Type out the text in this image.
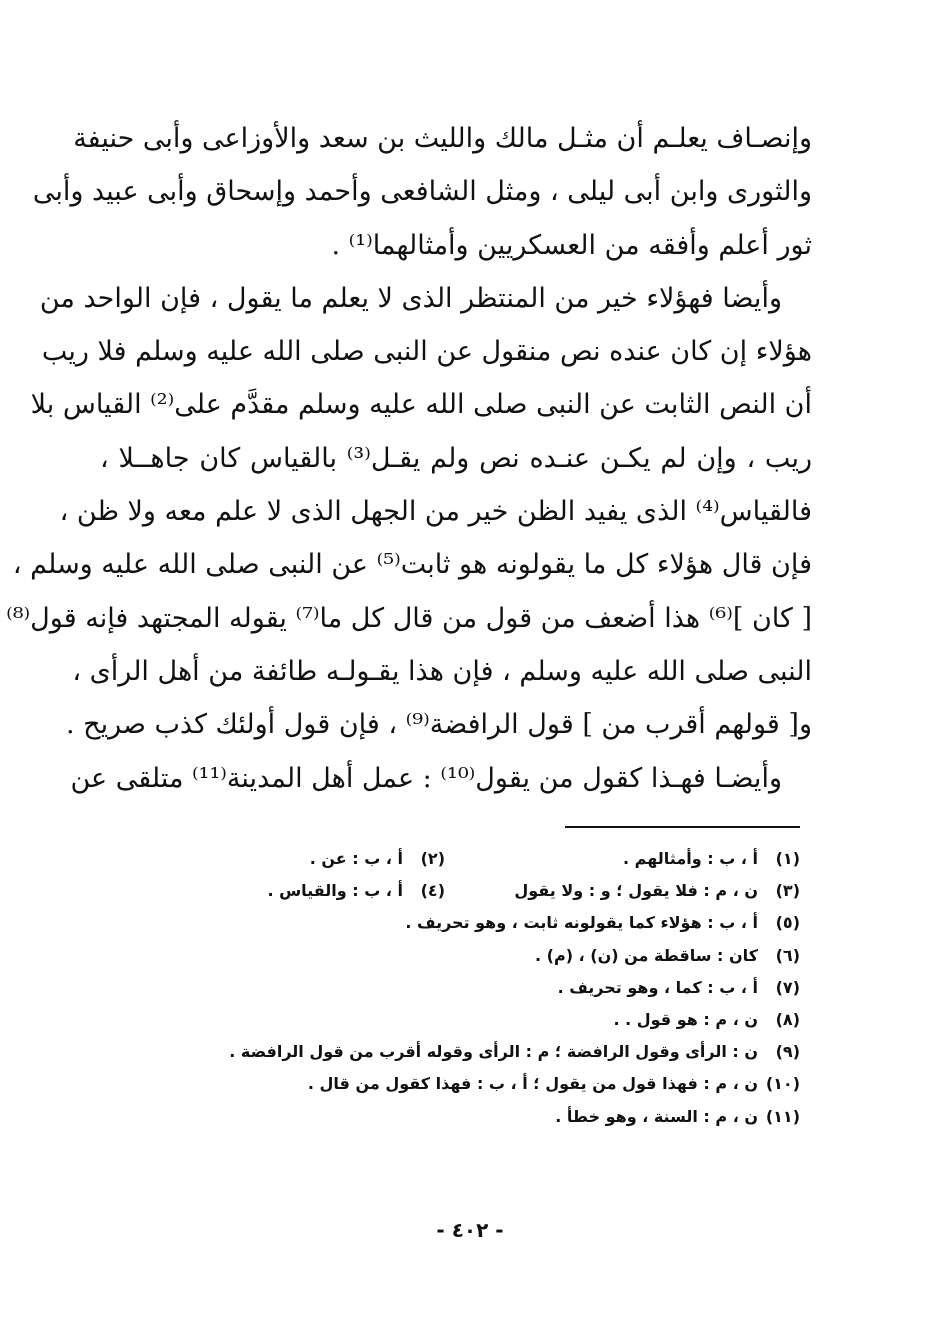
وإنصـاف يعلـم أن مثـل مالك والليث بن سعد والأوزاعى وأبى حنيفة
والثورى وابن أبى ليلى ، ومثل الشافعى وأحمد وإسحاق وأبى عبيد وأبى
ثور أعلم وأفقه من العسكريين وأمثالهما⁽¹⁾ .
وأيضا فهؤلاء خير من المنتظر الذى لا يعلم ما يقول ، فإن الواحد من
هؤلاء إن كان عنده نص منقول عن النبى صلى الله عليه وسلم فلا ريب
أن النص الثابت عن النبى صلى الله عليه وسلم مقدَّم على⁽²⁾ القياس بلا
ريب ، وإن لم يكـن عنـده نص ولم يقـل⁽³⁾ بالقياس كان جاهــلا ،
فالقياس⁽⁴⁾ الذى يفيد الظن خير من الجهل الذى لا علم معه ولا ظن ،
فإن قال هؤلاء كل ما يقولونه هو ثابت⁽⁵⁾ عن النبى صلى الله عليه وسلم ،
[ كان ]⁽⁶⁾ هذا أضعف من قول من قال كل ما⁽⁷⁾ يقوله المجتهد فإنه قول⁽⁸⁾
النبى صلى الله عليه وسلم ، فإن هذا يقـولـه طائفة من أهل الرأى ،
و[ قولهم أقرب من ] قول الرافضة⁽⁹⁾ ، فإن قول أولئك كذب صريح .
وأيضـا فهـذا كقول من يقول⁽¹⁰⁾ : عمل أهل المدينة⁽¹¹⁾ متلقى عن
(١)أ ، ب : وأمثالهم .
(٢)أ ، ب : عن .
(٣)ن ، م : فلا يقول ؛ و : ولا يقول
(٤)أ ، ب : والقياس .
(٥)أ ، ب : هؤلاء كما يقولونه ثابت ، وهو تحريف .
(٦)كان : ساقطة من (ن) ، (م) .
(٧)أ ، ب : كما ، وهو تحريف .
(٨)ن ، م : هو قول . .
(٩)ن : الرأى وقول الرافضة ؛ م : الرأى وقوله أقرب من قول الرافضة .
(١٠)ن ، م : فهذا قول من يقول ؛ أ ، ب : فهذا كقول من قال .
(١١)ن ، م : السنة ، وهو خطأ .
- ٤٠٢ -
